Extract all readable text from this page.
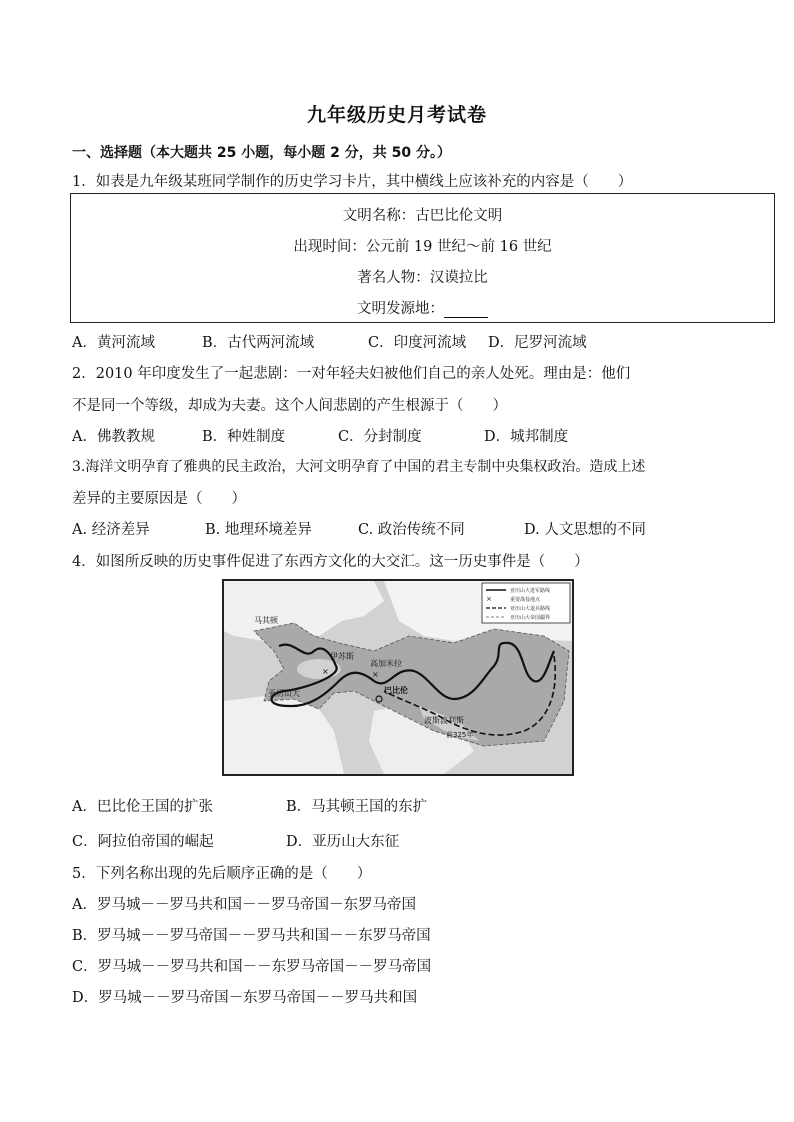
九年级历史月考试卷
一、选择题（本大题共 25 小题，每小题 2 分，共 50 分。）
1．如表是九年级某班同学制作的历史学习卡片，其中横线上应该补充的内容是（　　）
文明名称：古巴比伦文明
出现时间：公元前 19 世纪～前 16 世纪
著名人物：汉谟拉比
文明发源地：
A．黄河流域	B．古代两河流域	C．印度河流域 D．尼罗河流域
2．2010 年印度发生了一起悲剧：一对年轻夫妇被他们自己的亲人处死。理由是：他们
不是同一个等级，却成为夫妻。这个人间悲剧的产生根源于（　　）
A．佛教教规	B．种姓制度	C．分封制度	D．城邦制度
3.海洋文明孕育了雅典的民主政治，大河文明孕育了中国的君主专制中央集权政治。造成上述
差异的主要原因是（　　）
A. 经济差异	B. 地理环境差异	C. 政治传统不同	D. 人文思想的不同
4．如图所反映的历史事件促进了东西方文化的大交汇。这一历史事件是（　　）
×	×
马其顿
伊苏斯
高加米拉
亚历山大	巴比伦
波斯波利斯
前325年
×
亚历山大进军路线
重要战役地点
亚历山大退兵路线
亚历山大帝国疆界
A．巴比伦王国的扩张	B．马其顿王国的东扩
C．阿拉伯帝国的崛起	D．亚历山大东征
5．下列名称出现的先后顺序正确的是（　　）
A．罗马城－－罗马共和国－－罗马帝国－东罗马帝国
B．罗马城－－罗马帝国－－罗马共和国－－东罗马帝国
C．罗马城－－罗马共和国－－东罗马帝国－－罗马帝国
D．罗马城－－罗马帝国－东罗马帝国－－罗马共和国
